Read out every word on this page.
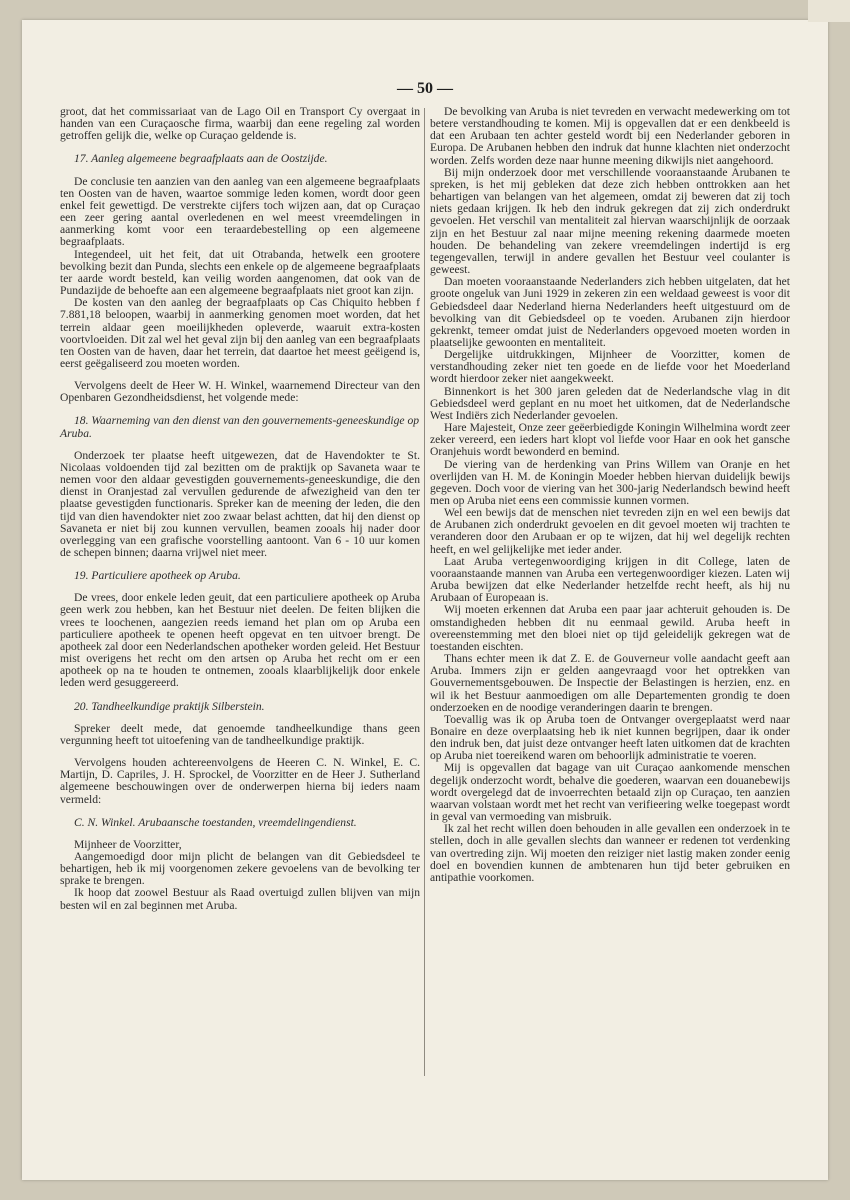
— 50 —

groot, dat het commissariaat van de Lago Oil en Transport Cy overgaat in handen van een Curaçaosche firma, waarbij dan eene regeling zal worden getroffen gelijk die, welke op Curaçao geldende is.

17. Aanleg algemeene begraafplaats aan de Oostzijde.

De conclusie ten aanzien van den aanleg van een algemeene begraafplaats ten Oosten van de haven, waartoe sommige leden komen, wordt door geen enkel feit gewettigd. De verstrekte cijfers toch wijzen aan, dat op Curaçao een zeer gering aantal overledenen en wel meest vreemdelingen in aanmerking komt voor een teraardebestelling op een algemeene begraafplaats.

Integendeel, uit het feit, dat uit Otrabanda, hetwelk een grootere bevolking bezit dan Punda, slechts een enkele op de algemeene begraafplaats ter aarde wordt besteld, kan veilig worden aangenomen, dat ook van de Pundazijde de behoefte aan een algemeene begraafplaats niet groot kan zijn.

De kosten van den aanleg der begraafplaats op Cas Chiquito hebben f 7.881,18 beloopen, waarbij in aanmerking genomen moet worden, dat het terrein aldaar geen moeilijkheden opleverde, waaruit extra-kosten voortvloeiden. Dit zal wel het geval zijn bij den aanleg van een begraafplaats ten Oosten van de haven, daar het terrein, dat daartoe het meest geëigend is, eerst geëgaliseerd zou moeten worden.

Vervolgens deelt de Heer W. H. Winkel, waarnemend Directeur van den Openbaren Gezondheidsdienst, het volgende mede:

18. Waarneming van den dienst van den gouvernements-geneeskundige op Aruba.

Onderzoek ter plaatse heeft uitgewezen, dat de Havendokter te St. Nicolaas voldoenden tijd zal bezitten om de praktijk op Savaneta waar te nemen voor den aldaar gevestigden gouvernements-geneeskundige, die den dienst in Oranjestad zal vervullen gedurende de afwezigheid van den ter plaatse gevestigden functionaris. Spreker kan de meening der leden, die den tijd van dien havendokter niet zoo zwaar belast achtten, dat hij den dienst op Savaneta er niet bij zou kunnen vervullen, beamen zooals hij nader door overlegging van een grafische voorstelling aantoont. Van 6 - 10 uur komen de schepen binnen; daarna vrijwel niet meer.

19. Particuliere apotheek op Aruba.

De vrees, door enkele leden geuit, dat een particuliere apotheek op Aruba geen werk zou hebben, kan het Bestuur niet deelen. De feiten blijken die vrees te loochenen, aangezien reeds iemand het plan om op Aruba een particuliere apotheek te openen heeft opgevat en ten uitvoer brengt. De apotheek zal door een Nederlandschen apotheker worden geleid. Het Bestuur mist overigens het recht om den artsen op Aruba het recht om er een apotheek op na te houden te ontnemen, zooals klaarblijkelijk door enkele leden werd gesuggereerd.

20. Tandheelkundige praktijk Silberstein.

Spreker deelt mede, dat genoemde tandheelkundige thans geen vergunning heeft tot uitoefening van de tandheelkundige praktijk.

Vervolgens houden achtereenvolgens de Heeren C. N. Winkel, E. C. Martijn, D. Capriles, J. H. Sprockel, de Voorzitter en de Heer J. Sutherland algemeene beschouwingen over de onderwerpen hierna bij ieders naam vermeld:

C. N. Winkel. Arubaansche toestanden, vreemdelingendienst.

Mijnheer de Voorzitter,

Aangemoedigd door mijn plicht de belangen van dit Gebiedsdeel te behartigen, heb ik mij voorgenomen zekere gevoelens van de bevolking ter sprake te brengen.

Ik hoop dat zoowel Bestuur als Raad overtuigd zullen blijven van mijn besten wil en zal beginnen met Aruba.

De bevolking van Aruba is niet tevreden en verwacht medewerking om tot betere verstandhouding te komen. Mij is opgevallen dat er een denkbeeld is dat een Arubaan ten achter gesteld wordt bij een Nederlander geboren in Europa. De Arubanen hebben den indruk dat hunne klachten niet onderzocht worden. Zelfs worden deze naar hunne meening dikwijls niet aangehoord.

Bij mijn onderzoek door met verschillende vooraanstaande Arubanen te spreken, is het mij gebleken dat deze zich hebben onttrokken aan het behartigen van belangen van het algemeen, omdat zij beweren dat zij toch niets gedaan krijgen. Ik heb den indruk gekregen dat zij zich onderdrukt gevoelen. Het verschil van mentaliteit zal hiervan waarschijnlijk de oorzaak zijn en het Bestuur zal naar mijne meening rekening daarmede moeten houden. De behandeling van zekere vreemdelingen indertijd is erg tegengevallen, terwijl in andere gevallen het Bestuur veel coulanter is geweest.

Dan moeten vooraanstaande Nederlanders zich hebben uitgelaten, dat het groote ongeluk van Juni 1929 in zekeren zin een weldaad geweest is voor dit Gebiedsdeel daar Nederland hierna Nederlanders heeft uitgestuurd om de bevolking van dit Gebiedsdeel op te voeden. Arubanen zijn hierdoor gekrenkt, temeer omdat juist de Nederlanders opgevoed moeten worden in plaatselijke gewoonten en mentaliteit.

Dergelijke uitdrukkingen, Mijnheer de Voorzitter, komen de verstandhouding zeker niet ten goede en de liefde voor het Moederland wordt hierdoor zeker niet aangekweekt.

Binnenkort is het 300 jaren geleden dat de Nederlandsche vlag in dit Gebiedsdeel werd geplant en nu moet het uitkomen, dat de Nederlandsche West Indiërs zich Nederlander gevoelen.

Hare Majesteit, Onze zeer geëerbiedigde Koningin Wilhelmina wordt zeer zeker vereerd, een ieders hart klopt vol liefde voor Haar en ook het gansche Oranjehuis wordt bewonderd en bemind.

De viering van de herdenking van Prins Willem van Oranje en het overlijden van H. M. de Koningin Moeder hebben hiervan duidelijk bewijs gegeven. Doch voor de viering van het 300-jarig Nederlandsch bewind heeft men op Aruba niet eens een commissie kunnen vormen.

Wel een bewijs dat de menschen niet tevreden zijn en wel een bewijs dat de Arubanen zich onderdrukt gevoelen en dit gevoel moeten wij trachten te veranderen door den Arubaan er op te wijzen, dat hij wel degelijk rechten heeft, en wel gelijkelijke met ieder ander.

Laat Aruba vertegenwoordiging krijgen in dit College, laten de vooraanstaande mannen van Aruba een vertegenwoordiger kiezen. Laten wij Aruba bewijzen dat elke Nederlander hetzelfde recht heeft, als hij nu Arubaan of Europeaan is.

Wij moeten erkennen dat Aruba een paar jaar achteruit gehouden is. De omstandigheden hebben dit nu eenmaal gewild. Aruba heeft in overeenstemming met den bloei niet op tijd geleidelijk gekregen wat de toestanden eischten.

Thans echter meen ik dat Z. E. de Gouverneur volle aandacht geeft aan Aruba. Immers zijn er gelden aangevraagd voor het optrekken van Gouvernementsgebouwen. De Inspectie der Belastingen is herzien, enz. en wil ik het Bestuur aanmoedigen om alle Departementen grondig te doen onderzoeken en de noodige veranderingen daarin te brengen.

Toevallig was ik op Aruba toen de Ontvanger overgeplaatst werd naar Bonaire en deze overplaatsing heb ik niet kunnen begrijpen, daar ik onder den indruk ben, dat juist deze ontvanger heeft laten uitkomen dat de krachten op Aruba niet toereikend waren om behoorlijk administratie te voeren.

Mij is opgevallen dat bagage van uit Curaçao aankomende menschen degelijk onderzocht wordt, behalve die goederen, waarvan een douanebewijs wordt overgelegd dat de invoerrechten betaald zijn op Curaçao, ten aanzien waarvan volstaan wordt met het recht van verifieering welke toegepast wordt in geval van vermoeding van misbruik.

Ik zal het recht willen doen behouden in alle gevallen een onderzoek in te stellen, doch in alle gevallen slechts dan wanneer er redenen tot verdenking van overtreding zijn. Wij moeten den reiziger niet lastig maken zonder eenig doel en bovendien kunnen de ambtenaren hun tijd beter gebruiken en antipathie voorkomen.
